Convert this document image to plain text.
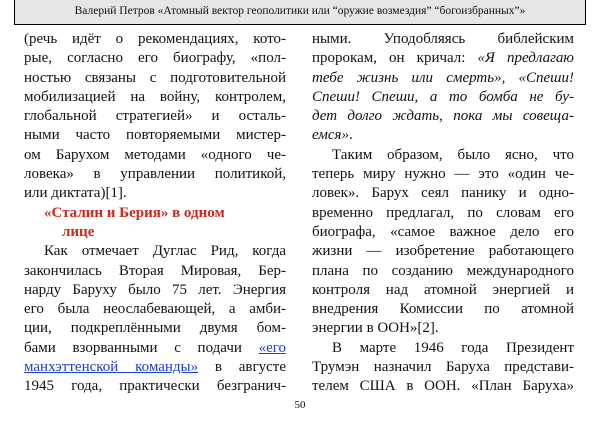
Валерий Петров «Атомный вектор геополитики или “оружие возмездия” “богоизбранных”»
(речь идёт о рекомендациях, кото-
рые, согласно его биографу, «пол-
ностью связаны с подготовительной
мобилизацией на войну, контролем,
глобальной стратегией» и осталь-
ными часто повторяемыми мистер-
ом Барухом методами «одного че-
ловека» в управлении политикой,
или диктата)[1].
«Сталин и Берия» в одном
лице
Как отмечает Дуглас Рид, когда
закончилась Вторая Мировая, Бер-
нарду Баруху было 75 лет. Энергия
его была неослабевающей, а амби-
ции, подкреплёнными двумя бом-
бами взорванными с подачи «его
манхэттенской команды» в августе
1945 года, практически безгранич-
ными. Уподобляясь библейским
пророкам, он кричал: «Я предлагаю
тебе жизнь или смерть», «Спеши!
Спеши! Спеши, а то бомба не бу-
дет долго ждать, пока мы совеща-
емся».
Таким образом, было ясно, что
теперь миру нужно — это «один че-
ловек». Барух сеял панику и одно-
временно предлагал, по словам его
биографа, «самое важное дело его
жизни — изобретение работающего
плана по созданию международного
контроля над атомной энергией и
внедрения Комиссии по атомной
энергии в ООН»[2].
В марте 1946 года Президент
Трумэн назначил Баруха представи-
телем США в ООН. «План Баруха»
50
